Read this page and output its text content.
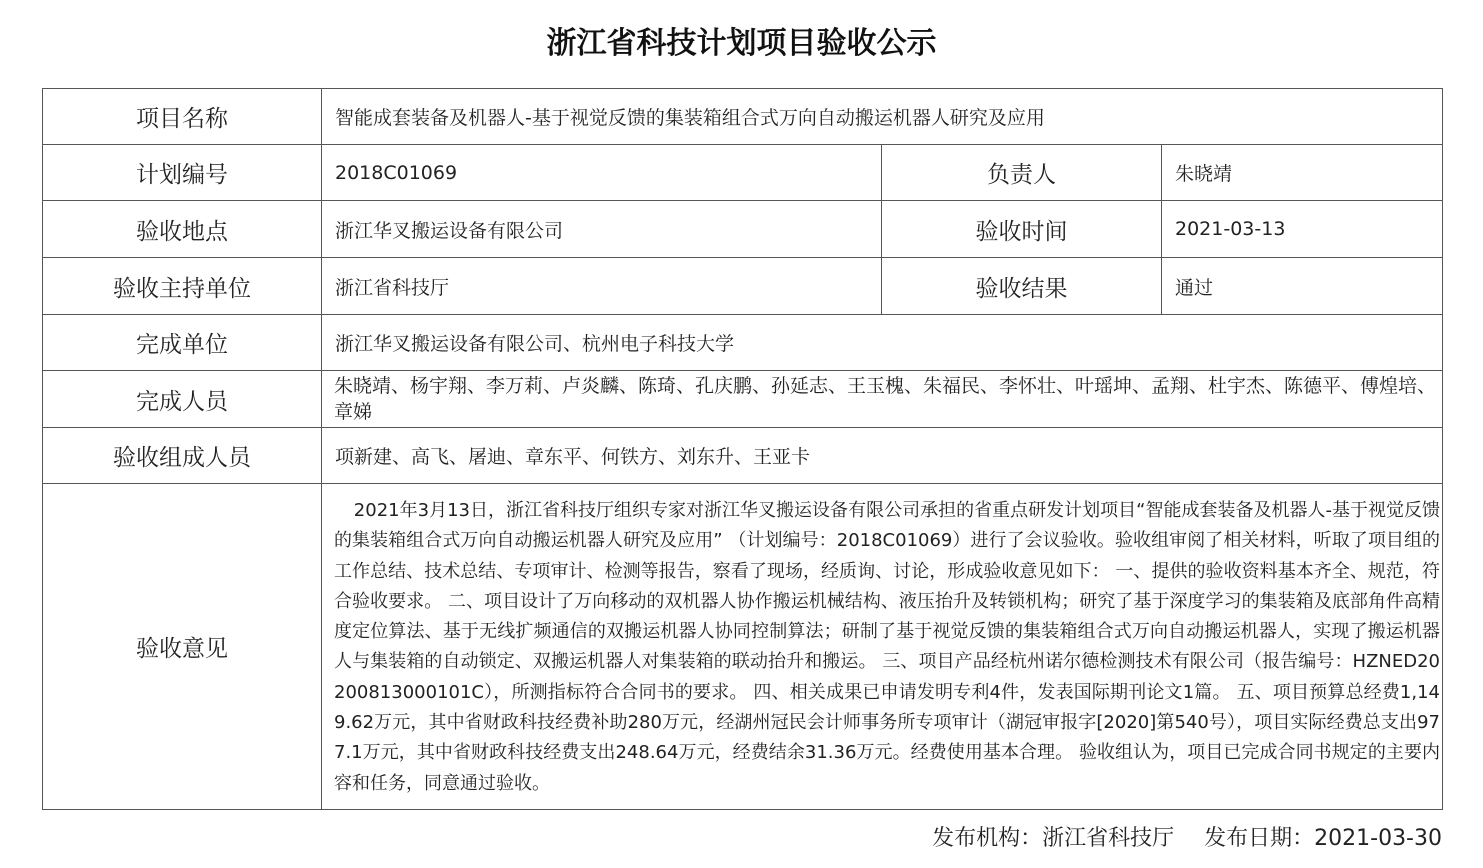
浙江省科技计划项目验收公示
项目名称	智能成套装备及机器人-基于视觉反馈的集装箱组合式万向自动搬运机器人研究及应用		
计划编号	2018C01069	负责人	朱晓靖
验收地点	浙江华叉搬运设备有限公司	验收时间	2021-03-13
验收主持单位	浙江省科技厅	验收结果	通过
完成单位	浙江华叉搬运设备有限公司、杭州电子科技大学		
完成人员	朱晓靖、杨宇翔、李万莉、卢炎麟、陈琦、孔庆鹏、孙延志、王玉槐、朱福民、李怀壮、叶瑶坤、孟翔、杜宇杰、陈德平、傅煌培、章娣		
验收组成人员	项新建、高飞、屠迪、章东平、何铁方、刘东升、王亚卡		
验收意见	2021年3月13日，浙江省科技厅组织专家对浙江华叉搬运设备有限公司承担的省重点研发计划项目“智能成套装备及机器人-基于视觉反馈的集装箱组合式万向自动搬运机器人研究及应用” （计划编号：2018C01069）进行了会议验收。验收组审阅了相关材料，听取了项目组的工作总结、技术总结、专项审计、检测等报告，察看了现场，经质询、讨论，形成验收意见如下： 一、提供的验收资料基本齐全、规范，符合验收要求。 二、项目设计了万向移动的双机器人协作搬运机械结构、液压抬升及转锁机构；研究了基于深度学习的集装箱及底部角件高精度定位算法、基于无线扩频通信的双搬运机器人协同控制算法；研制了基于视觉反馈的集装箱组合式万向自动搬运机器人，实现了搬运机器人与集装箱的自动锁定、双搬运机器人对集装箱的联动抬升和搬运。 三、项目产品经杭州诺尔德检测技术有限公司（报告编号：HZNED20200813000101C），所测指标符合合同书的要求。 四、相关成果已申请发明专利4件，发表国际期刊论文1篇。 五、项目预算总经费1,149.62万元，其中省财政科技经费补助280万元，经湖州冠民会计师事务所专项审计（湖冠审报字[2020]第540号），项目实际经费总支出977.1万元，其中省财政科技经费支出248.64万元，经费结余31.36万元。经费使用基本合理。 验收组认为，项目已完成合同书规定的主要内容和任务，同意通过验收。		
发布机构：浙江省科技厅 发布日期：2021-03-30
